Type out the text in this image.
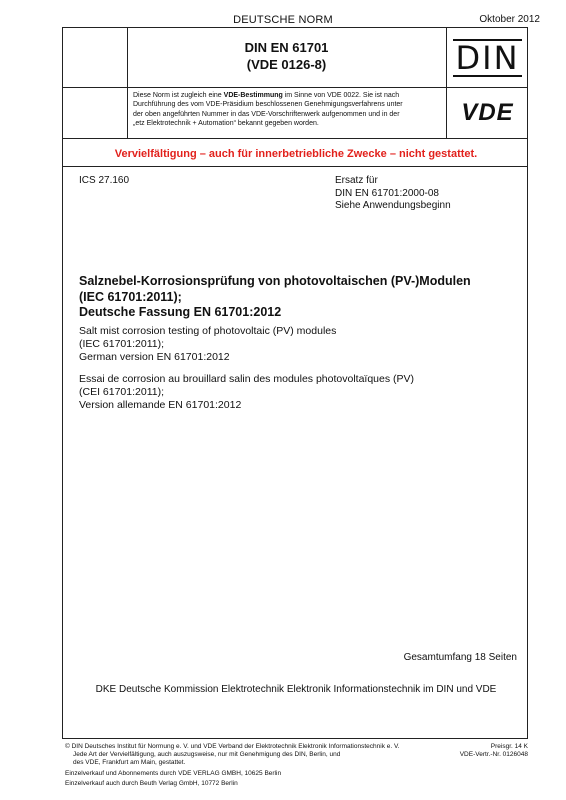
DEUTSCHE NORM	Oktober 2012
DIN EN 61701
(VDE 0126-8)	DIN
Diese Norm ist zugleich eine VDE-Bestimmung im Sinne von VDE 0022. Sie ist nach
Durchführung des vom VDE-Präsidium beschlossenen Genehmigungsverfahrens unter
der oben angeführten Nummer in das VDE-Vorschriftenwerk aufgenommen und in der
„etz Elektrotechnik + Automation“ bekannt gegeben worden.	VDE
Vervielfältigung – auch für innerbetriebliche Zwecke – nicht gestattet.
ICS 27.160	Ersatz für
DIN EN 61701:2000-08
Siehe Anwendungsbeginn
Salznebel-Korrosionsprüfung von photovoltaischen (PV-)Modulen
(IEC 61701:2011);
Deutsche Fassung EN 61701:2012
Salt mist corrosion testing of photovoltaic (PV) modules
(IEC 61701:2011);
German version EN 61701:2012
Essai de corrosion au brouillard salin des modules photovoltaïques (PV)
(CEI 61701:2011);
Version allemande EN 61701:2012
Gesamtumfang 18 Seiten
DKE Deutsche Kommission Elektrotechnik Elektronik Informationstechnik im DIN und VDE
© DIN Deutsches Institut für Normung e. V. und VDE Verband der Elektrotechnik Elektronik Informationstechnik e. V.
Jede Art der Vervielfältigung, auch auszugsweise, nur mit Genehmigung des DIN, Berlin, und
des VDE, Frankfurt am Main, gestattet.
Preisgr. 14 K
VDE-Vertr.-Nr. 0126048
Einzelverkauf und Abonnements durch VDE VERLAG GMBH, 10625 Berlin
Einzelverkauf auch durch Beuth Verlag GmbH, 10772 Berlin
